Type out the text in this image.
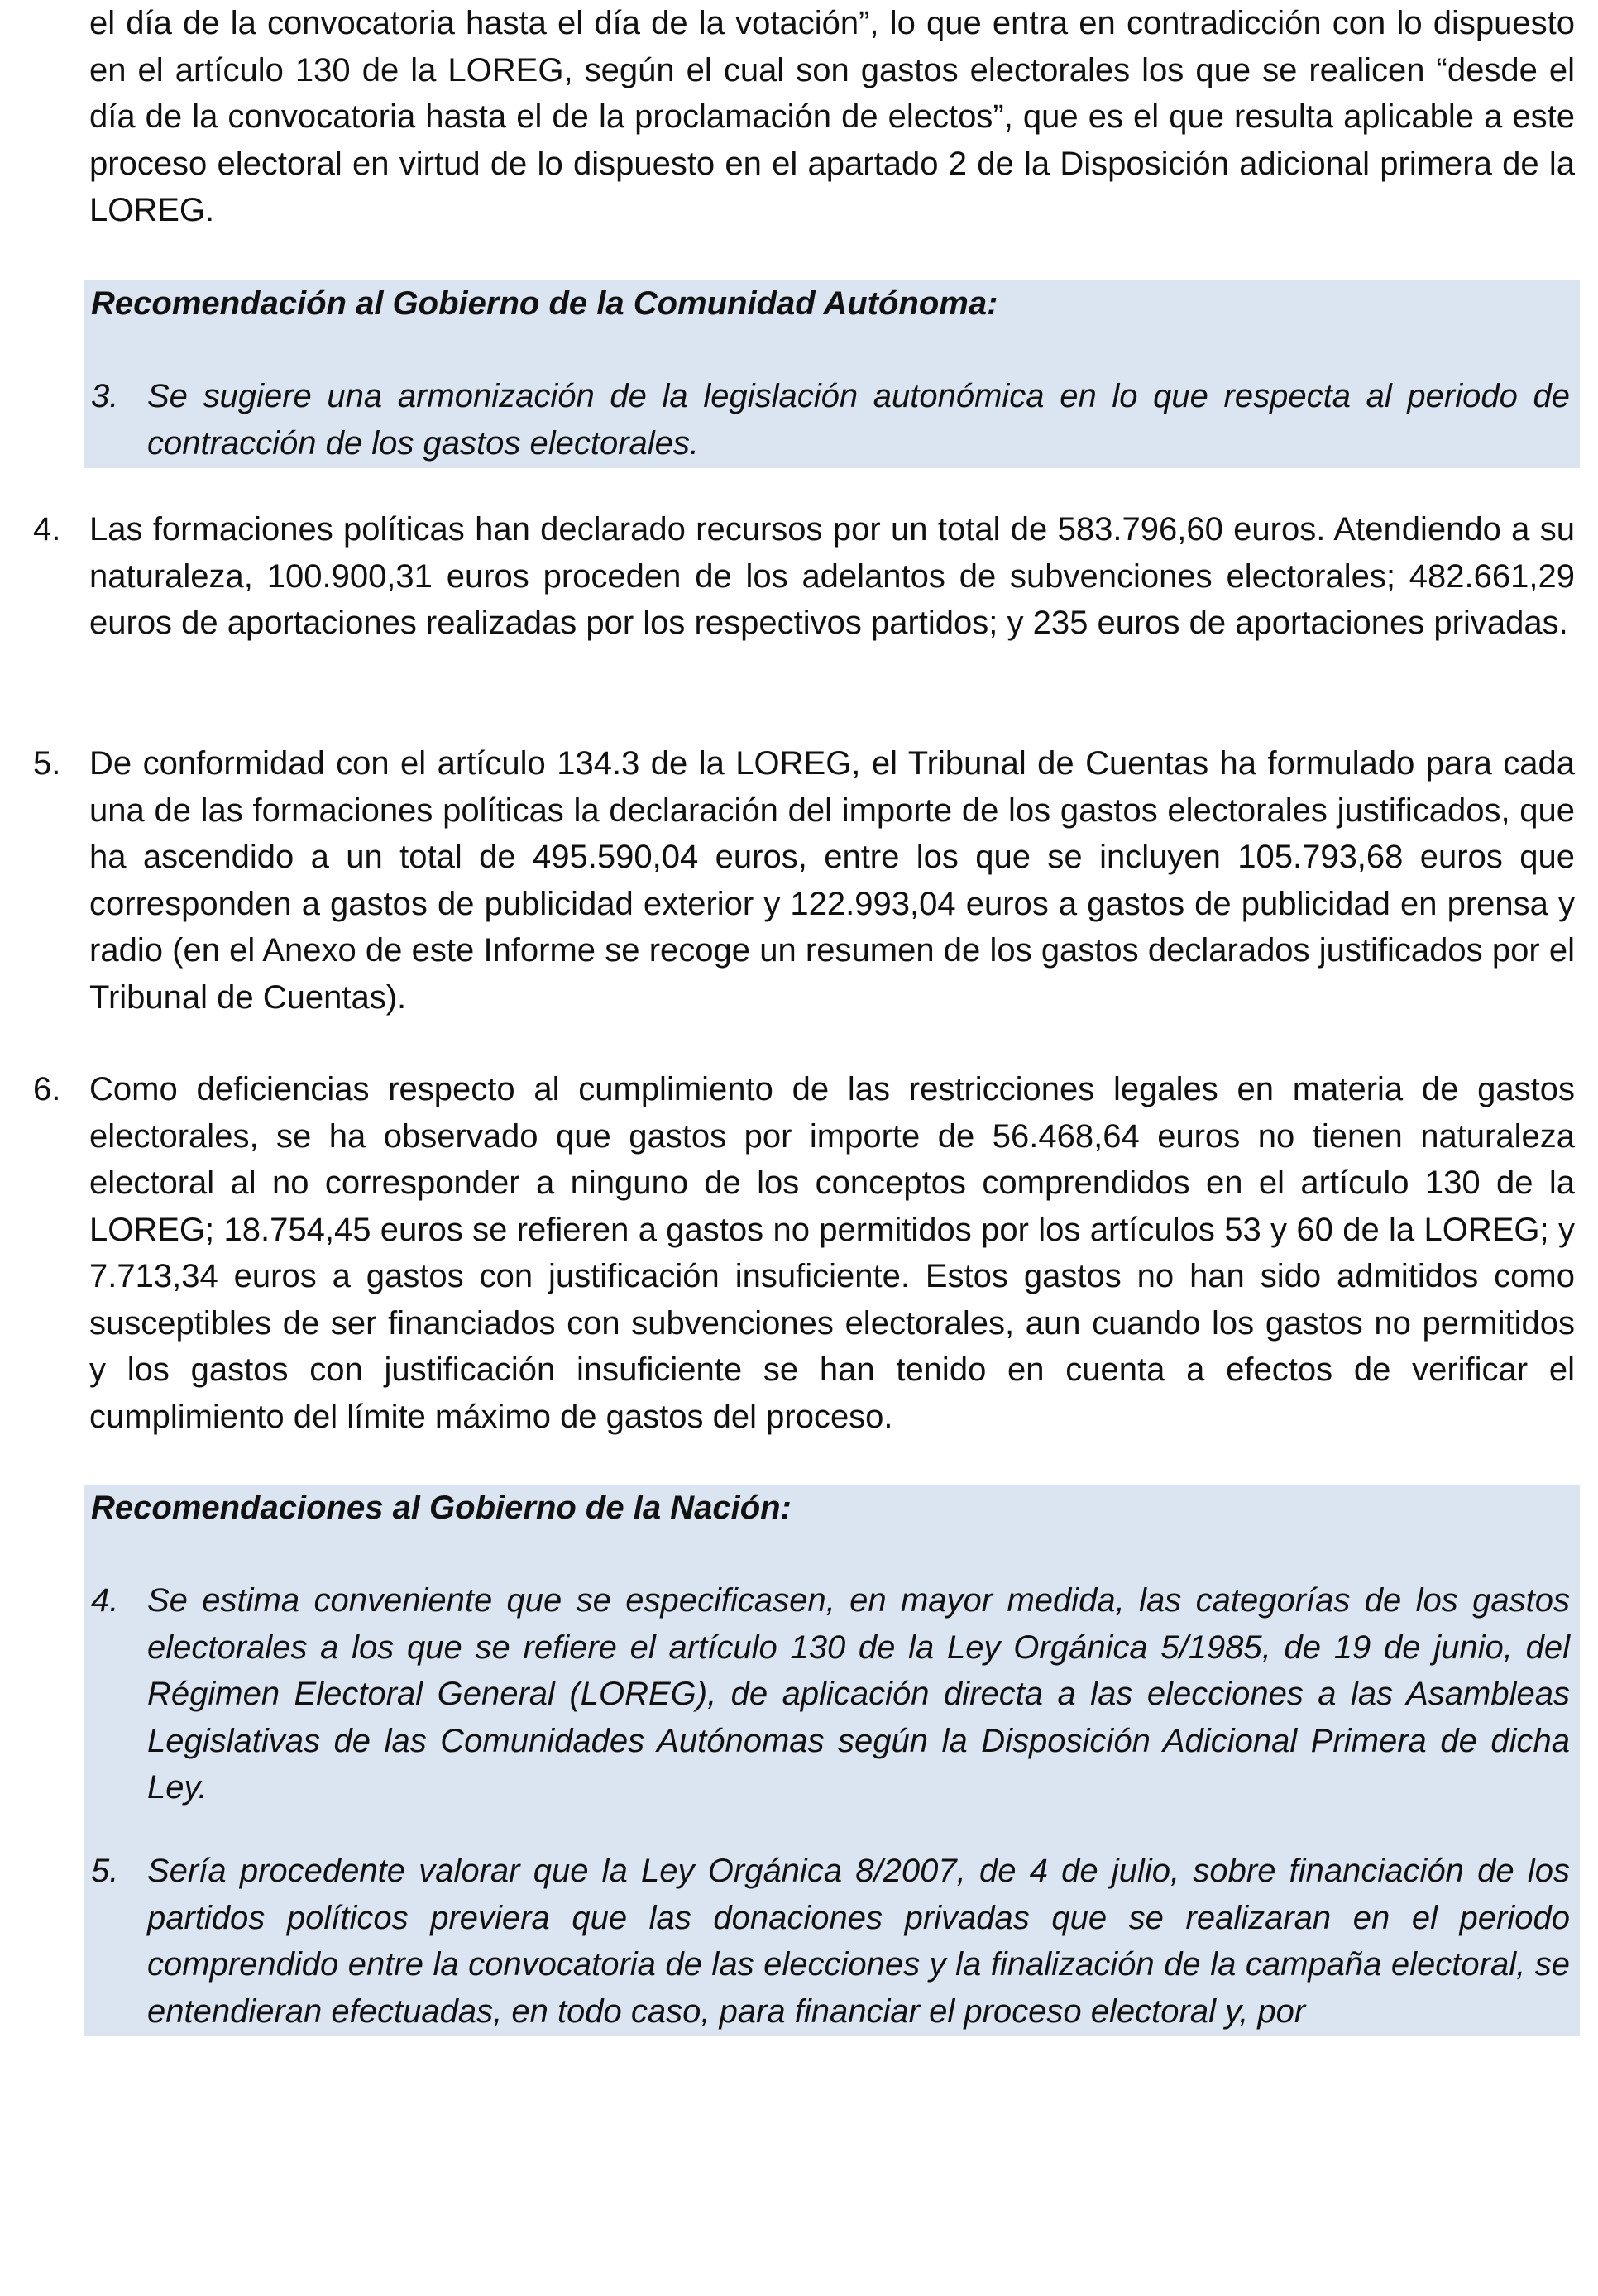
el día de la convocatoria hasta el día de la votación”, lo que entra en contradicción con lo dispuesto en el artículo 130 de la LOREG, según el cual son gastos electorales los que se realicen “desde el día de la convocatoria hasta el de la proclamación de electos”, que es el que resulta aplicable a este proceso electoral en virtud de lo dispuesto en el apartado 2 de la Disposición adicional primera de la LOREG.

Recomendación al Gobierno de la Comunidad Autónoma:

3. Se sugiere una armonización de la legislación autonómica en lo que respecta al periodo de contracción de los gastos electorales.
4. Las formaciones políticas han declarado recursos por un total de 583.796,60 euros. Atendiendo a su naturaleza, 100.900,31 euros proceden de los adelantos de subvenciones electorales; 482.661,29 euros de aportaciones realizadas por los respectivos partidos; y 235 euros de aportaciones privadas.
5. De conformidad con el artículo 134.3 de la LOREG, el Tribunal de Cuentas ha formulado para cada una de las formaciones políticas la declaración del importe de los gastos electorales justificados, que ha ascendido a un total de 495.590,04 euros, entre los que se incluyen 105.793,68 euros que corresponden a gastos de publicidad exterior y 122.993,04 euros a gastos de publicidad en prensa y radio (en el Anexo de este Informe se recoge un resumen de los gastos declarados justificados por el Tribunal de Cuentas).
6. Como deficiencias respecto al cumplimiento de las restricciones legales en materia de gastos electorales, se ha observado que gastos por importe de 56.468,64 euros no tienen naturaleza electoral al no corresponder a ninguno de los conceptos comprendidos en el artículo 130 de la LOREG; 18.754,45 euros se refieren a gastos no permitidos por los artículos 53 y 60 de la LOREG; y 7.713,34 euros a gastos con justificación insuficiente. Estos gastos no han sido admitidos como susceptibles de ser financiados con subvenciones electorales, aun cuando los gastos no permitidos y los gastos con justificación insuficiente se han tenido en cuenta a efectos de verificar el cumplimiento del límite máximo de gastos del proceso.

Recomendaciones al Gobierno de la Nación:

4. Se estima conveniente que se especificasen, en mayor medida, las categorías de los gastos electorales a los que se refiere el artículo 130 de la Ley Orgánica 5/1985, de 19 de junio, del Régimen Electoral General (LOREG), de aplicación directa a las elecciones a las Asambleas Legislativas de las Comunidades Autónomas según la Disposición Adicional Primera de dicha Ley.
5. Sería procedente valorar que la Ley Orgánica 8/2007, de 4 de julio, sobre financiación de los partidos políticos previera que las donaciones privadas que se realizaran en el periodo comprendido entre la convocatoria de las elecciones y la finalización de la campaña electoral, se entendieran efectuadas, en todo caso, para financiar el proceso electoral y, por
